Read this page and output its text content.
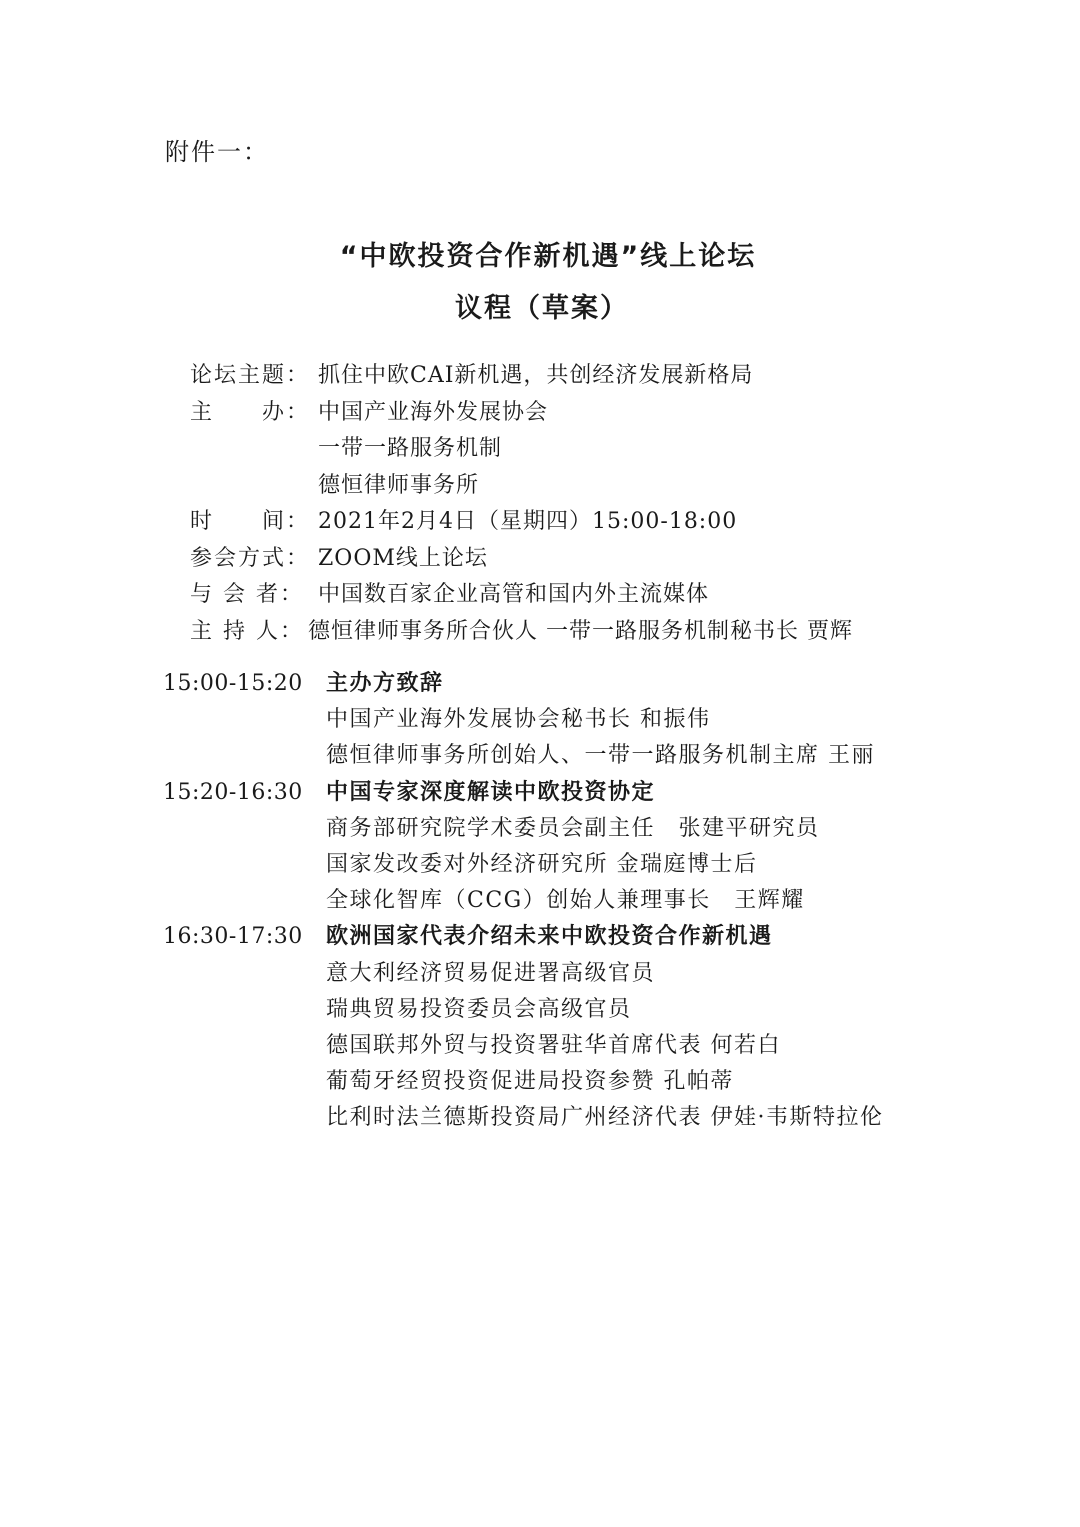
附件一：
“中欧投资合作新机遇”线上论坛
议程（草案）
论坛主题： 抓住中欧CAI新机遇，共创经济发展新格局
主　　办： 中国产业海外发展协会
一带一路服务机制
德恒律师事务所
时　　间： 2021年2月4日（星期四）15:00-18:00
参会方式： ZOOM线上论坛
与 会 者： 中国数百家企业高管和国内外主流媒体
主 持 人： 德恒律师事务所合伙人 一带一路服务机制秘书长 贾辉
15:00-15:20	主办方致辞
中国产业海外发展协会秘书长 和振伟
德恒律师事务所创始人、一带一路服务机制主席 王丽
15:20-16:30	中国专家深度解读中欧投资协定
商务部研究院学术委员会副主任　张建平研究员
国家发改委对外经济研究所 金瑞庭博士后
全球化智库（CCG）创始人兼理事长　王辉耀
16:30-17:30	欧洲国家代表介绍未来中欧投资合作新机遇
意大利经济贸易促进署高级官员
瑞典贸易投资委员会高级官员
德国联邦外贸与投资署驻华首席代表 何若白
葡萄牙经贸投资促进局投资参赞 孔帕蒂
比利时法兰德斯投资局广州经济代表 伊娃·韦斯特拉伦
